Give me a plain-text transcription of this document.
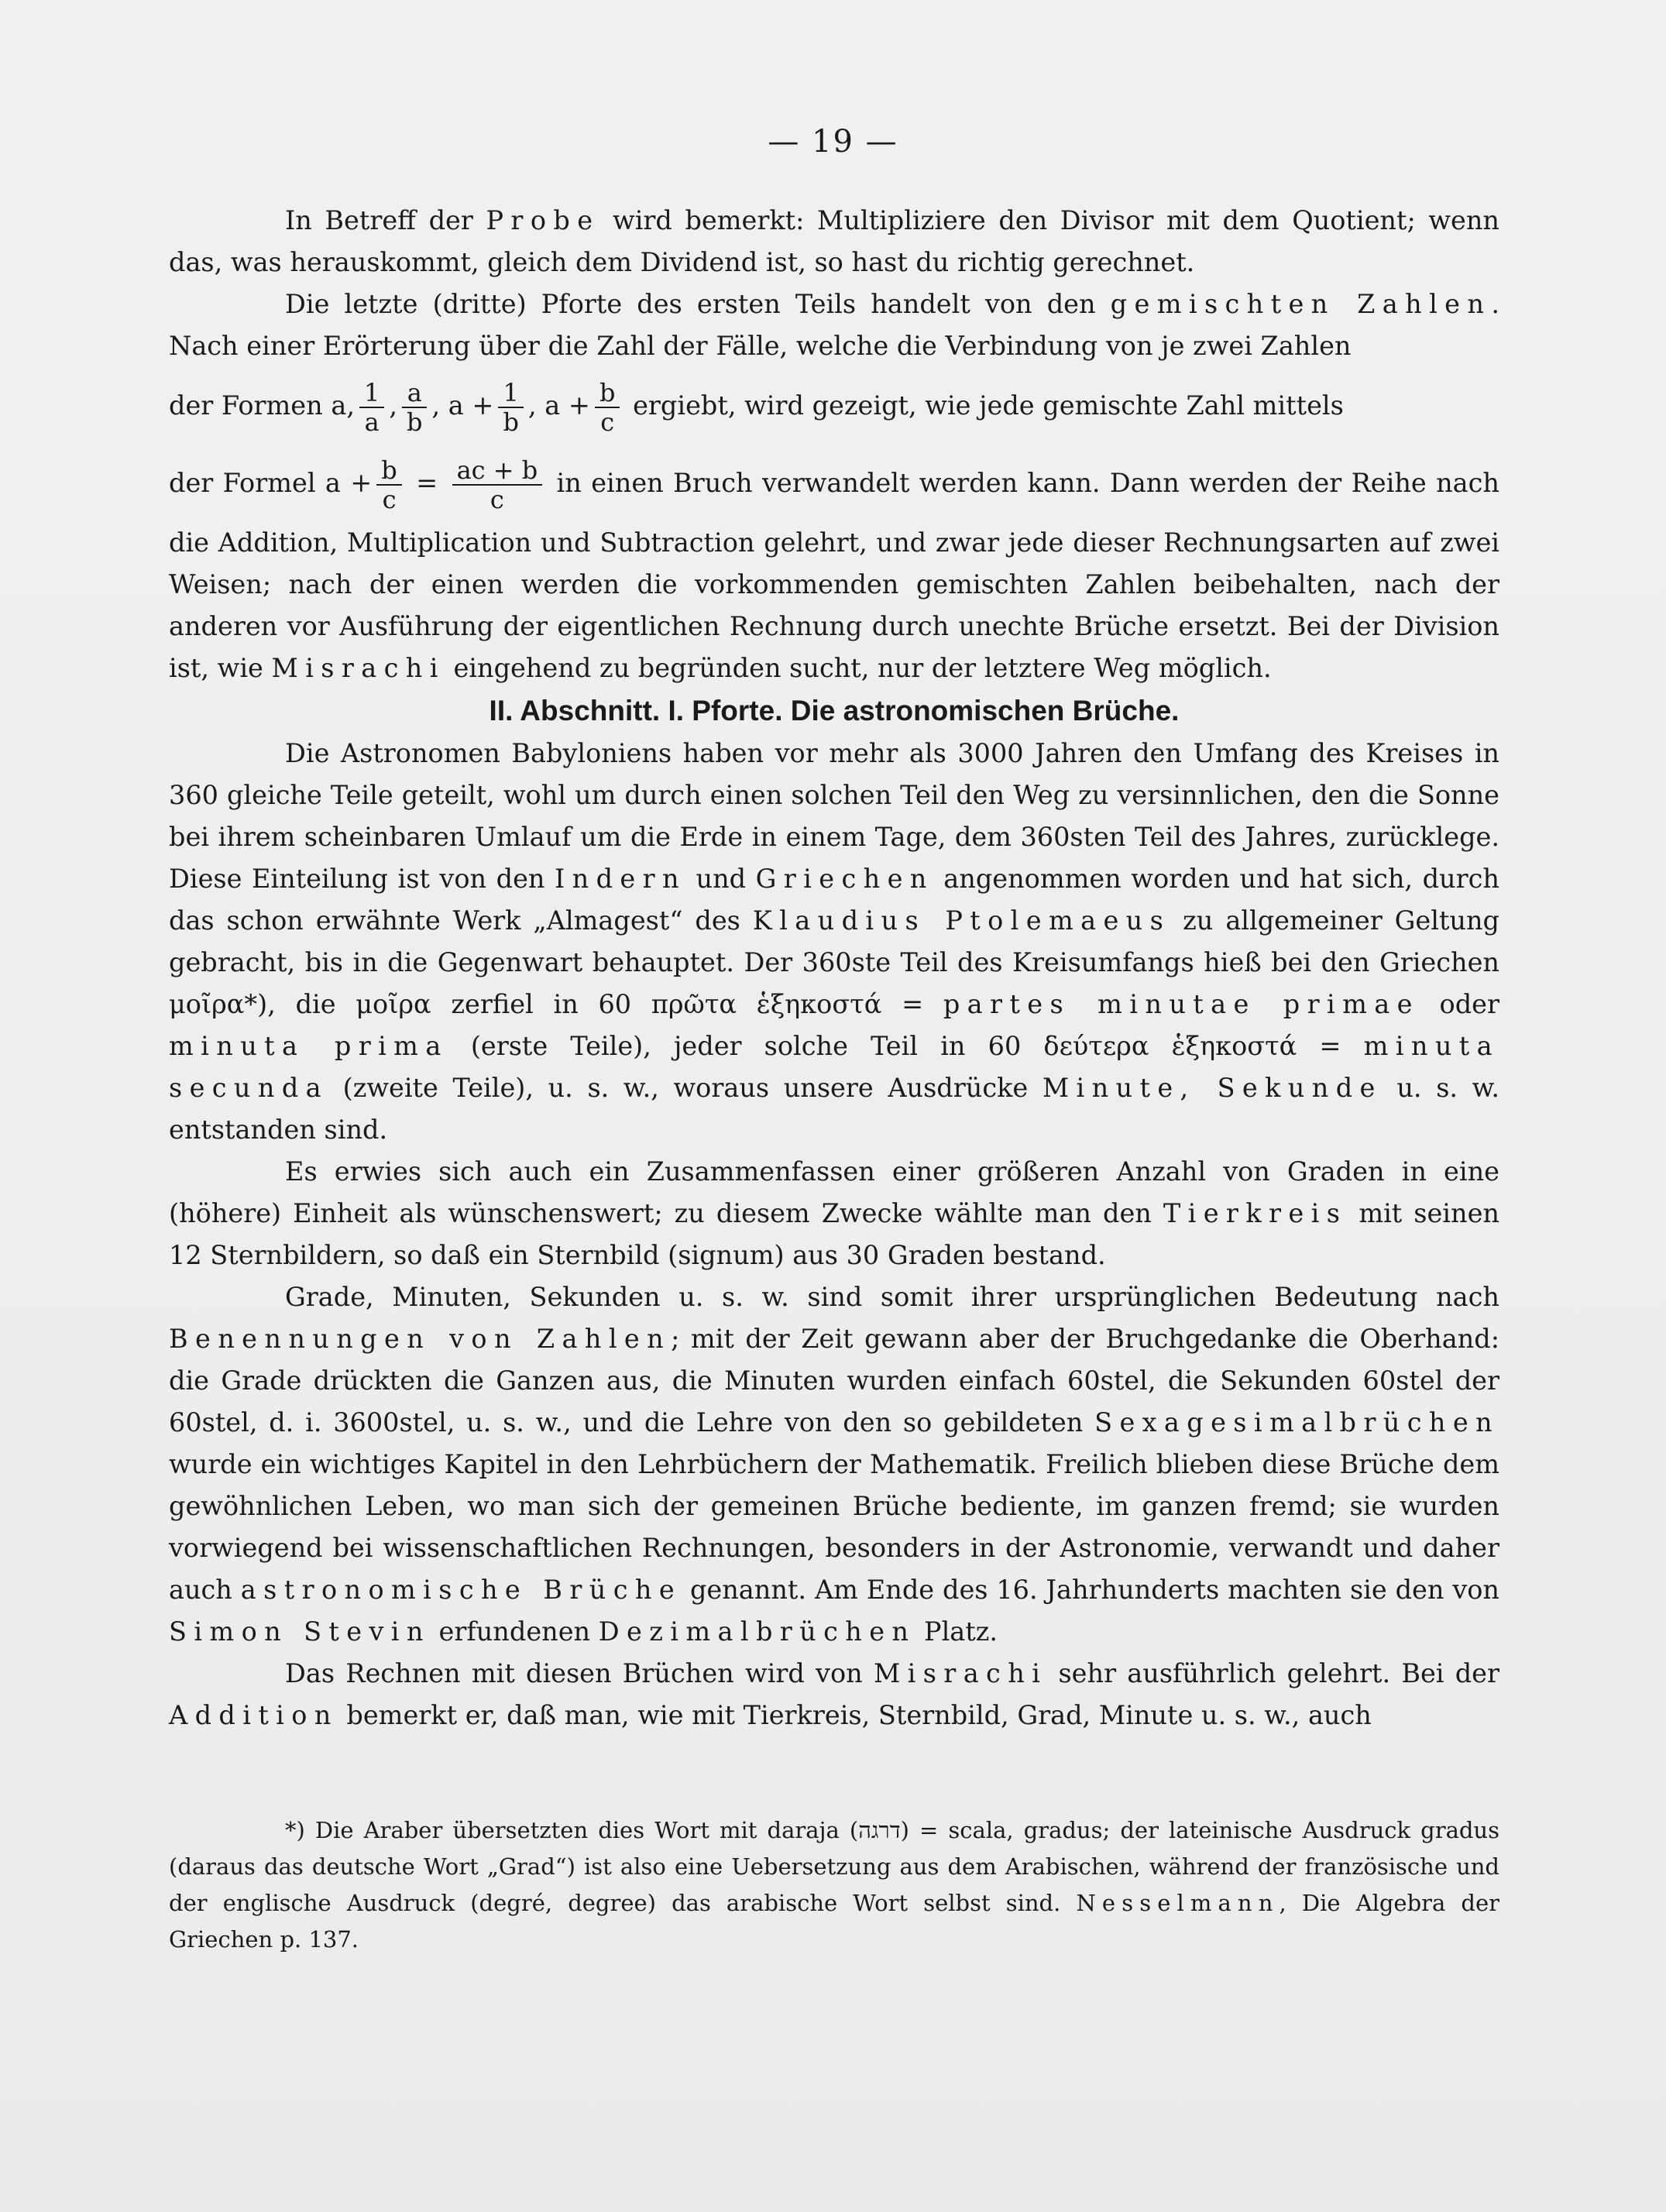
— 19 —

In Betreff der Probe wird bemerkt: Multipliziere den Divisor mit dem Quotient; wenn das, was herauskommt, gleich dem Dividend ist, so hast du richtig gerechnet.

Die letzte (dritte) Pforte des ersten Teils handelt von den gemischten Zahlen. Nach einer Erörterung über die Zahl der Fälle, welche die Verbindung von je zwei Zahlen

der Formen a, $\frac{1}{a}$ , $\frac{a}{b}$ , $a + \frac{1}{b}$ , $a + \frac{b}{c}$ ergiebt, wird gezeigt, wie jede gemischte Zahl mittels

der Formel $a + \frac{b}{c} = \frac{ac + b}{c}$ in einen Bruch verwandelt werden kann. Dann werden der Reihe nach die Addition, Multiplication und Subtraction gelehrt, und zwar jede dieser Rechnungsarten auf zwei Weisen; nach der einen werden die vorkommenden gemischten Zahlen beibehalten, nach der anderen vor Ausführung der eigentlichen Rechnung durch unechte Brüche ersetzt. Bei der Division ist, wie Misrachi eingehend zu begründen sucht, nur der letztere Weg möglich.

II. Abschnitt. I. Pforte. Die astronomischen Brüche.

Die Astronomen Babyloniens haben vor mehr als 3000 Jahren den Umfang des Kreises in 360 gleiche Teile geteilt, wohl um durch einen solchen Teil den Weg zu versinnlichen, den die Sonne bei ihrem scheinbaren Umlauf um die Erde in einem Tage, dem 360sten Teil des Jahres, zurücklege. Diese Einteilung ist von den Indern und Griechen angenommen worden und hat sich, durch das schon erwähnte Werk „Almagest“ des Klaudius Ptolemaeus zu allgemeiner Geltung gebracht, bis in die Gegenwart behauptet. Der 360ste Teil des Kreisumfangs hieß bei den Griechen μοῖρα*), die μοῖρα zerfiel in 60 πρῶτα ἑξηκοστά = partes minutae primae oder minuta prima (erste Teile), jeder solche Teil in 60 δεύτερα ἑξηκοστά = minuta secunda (zweite Teile), u. s. w., woraus unsere Ausdrücke Minute, Sekunde u. s. w. entstanden sind.

Es erwies sich auch ein Zusammenfassen einer größeren Anzahl von Graden in eine (höhere) Einheit als wünschenswert; zu diesem Zwecke wählte man den Tierkreis mit seinen 12 Sternbildern, so daß ein Sternbild (signum) aus 30 Graden bestand.

Grade, Minuten, Sekunden u. s. w. sind somit ihrer ursprünglichen Bedeutung nach Benennungen von Zahlen; mit der Zeit gewann aber der Bruchgedanke die Oberhand: die Grade drückten die Ganzen aus, die Minuten wurden einfach 60stel, die Sekunden 60stel der 60stel, d. i. 3600stel, u. s. w., und die Lehre von den so gebildeten Sexagesimalbrüchen wurde ein wichtiges Kapitel in den Lehrbüchern der Mathematik. Freilich blieben diese Brüche dem gewöhnlichen Leben, wo man sich der gemeinen Brüche bediente, im ganzen fremd; sie wurden vorwiegend bei wissenschaftlichen Rechnungen, besonders in der Astronomie, verwandt und daher auch astronomische Brüche genannt. Am Ende des 16. Jahrhunderts machten sie den von Simon Stevin erfundenen Dezimalbrüchen Platz.

Das Rechnen mit diesen Brüchen wird von Misrachi sehr ausführlich gelehrt. Bei der Addition bemerkt er, daß man, wie mit Tierkreis, Sternbild, Grad, Minute u. s. w., auch

*) Die Araber übersetzten dies Wort mit daraja (דרגה) = scala, gradus; der lateinische Ausdruck gradus (daraus das deutsche Wort „Grad“) ist also eine Uebersetzung aus dem Arabischen, während der französische und der englische Ausdruck (degré, degree) das arabische Wort selbst sind. Nesselmann, Die Algebra der Griechen p. 137.
